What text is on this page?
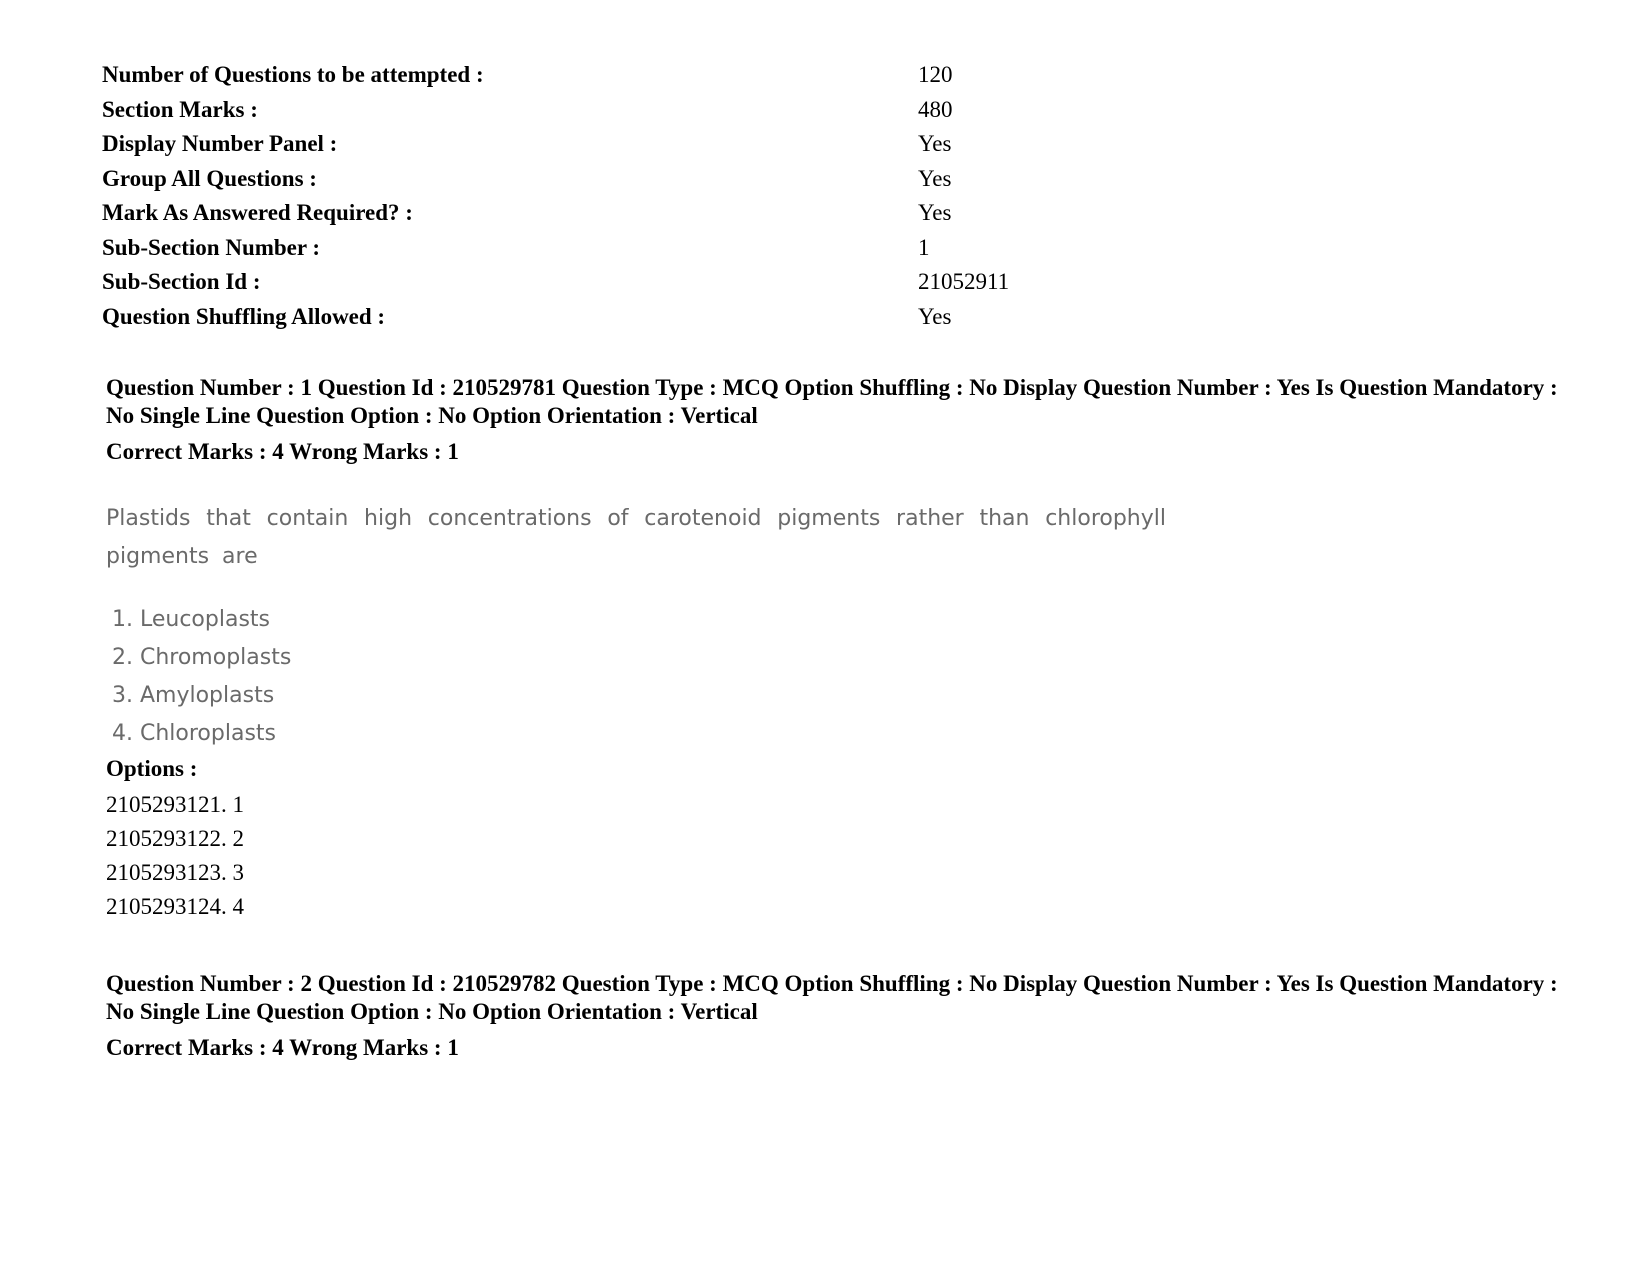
Number of Questions to be attempted :	120
Section Marks :	480
Display Number Panel :	Yes
Group All Questions :	Yes
Mark As Answered Required? :	Yes
Sub-Section Number :	1
Sub-Section Id :	21052911
Question Shuffling Allowed :	Yes
Question Number : 1 Question Id : 210529781 Question Type : MCQ Option Shuffling : No Display Question Number : Yes Is Question Mandatory : No Single Line Question Option : No Option Orientation : Vertical
Correct Marks : 4 Wrong Marks : 1
Plastids that contain high concentrations of carotenoid pigments rather than chlorophyll pigments are
1. Leucoplasts
2. Chromoplasts
3. Amyloplasts
4. Chloroplasts
Options :
2105293121. 1
2105293122. 2
2105293123. 3
2105293124. 4
Question Number : 2 Question Id : 210529782 Question Type : MCQ Option Shuffling : No Display Question Number : Yes Is Question Mandatory : No Single Line Question Option : No Option Orientation : Vertical
Correct Marks : 4 Wrong Marks : 1
